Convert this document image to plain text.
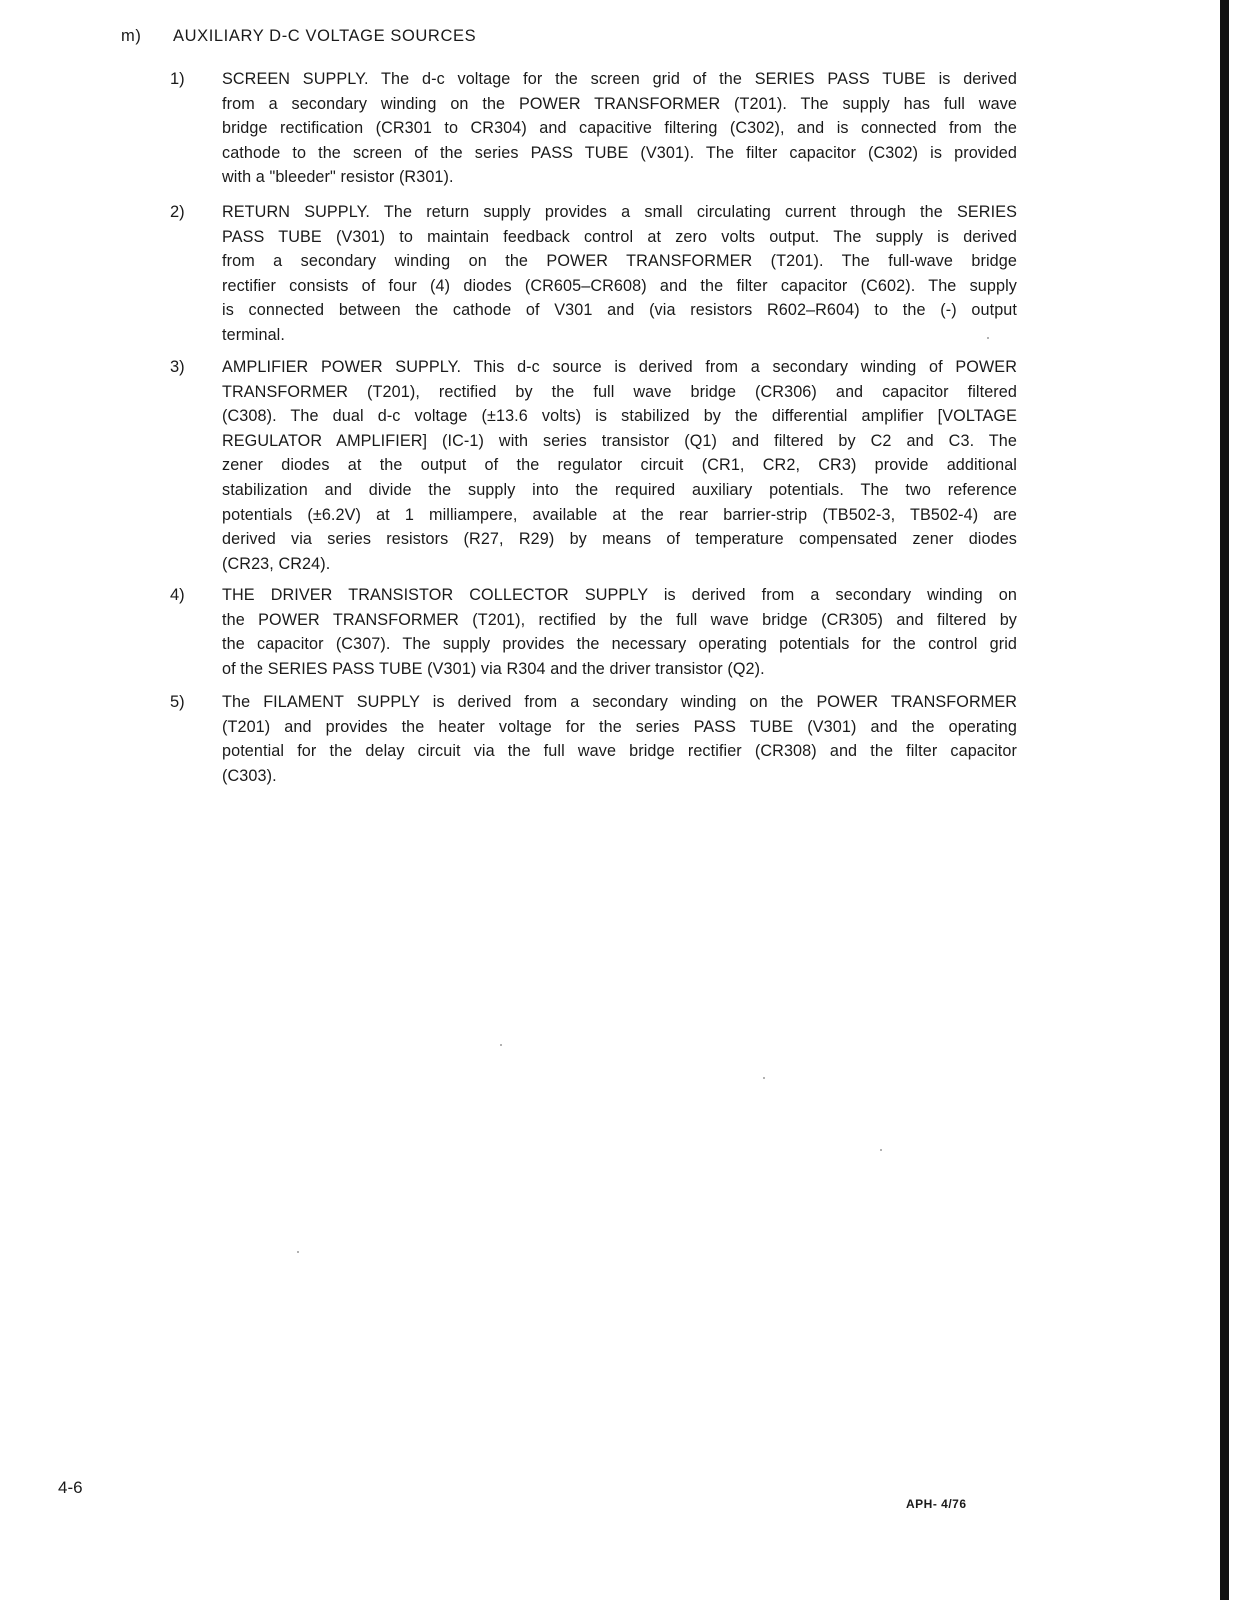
m) AUXILIARY D-C VOLTAGE SOURCES
1) SCREEN SUPPLY. The d-c voltage for the screen grid of the SERIES PASS TUBE is derived
from a secondary winding on the POWER TRANSFORMER (T201). The supply has full wave
bridge rectification (CR301 to CR304) and capacitive filtering (C302), and is connected from the
cathode to the screen of the series PASS TUBE (V301). The filter capacitor (C302) is provided
with a "bleeder" resistor (R301).
2) RETURN SUPPLY. The return supply provides a small circulating current through the SERIES
PASS TUBE (V301) to maintain feedback control at zero volts output. The supply is derived
from a secondary winding on the POWER TRANSFORMER (T201). The full-wave bridge
rectifier consists of four (4) diodes (CR605–CR608) and the filter capacitor (C602). The supply
is connected between the cathode of V301 and (via resistors R602–R604) to the (-) output
terminal.
3) AMPLIFIER POWER SUPPLY. This d-c source is derived from a secondary winding of POWER
TRANSFORMER (T201), rectified by the full wave bridge (CR306) and capacitor filtered
(C308). The dual d-c voltage (±13.6 volts) is stabilized by the differential amplifier [VOLTAGE
REGULATOR AMPLIFIER] (IC-1) with series transistor (Q1) and filtered by C2 and C3. The
zener diodes at the output of the regulator circuit (CR1, CR2, CR3) provide additional
stabilization and divide the supply into the required auxiliary potentials. The two reference
potentials (±6.2V) at 1 milliampere, available at the rear barrier-strip (TB502-3, TB502-4) are
derived via series resistors (R27, R29) by means of temperature compensated zener diodes
(CR23, CR24).
4) THE DRIVER TRANSISTOR COLLECTOR SUPPLY is derived from a secondary winding on
the POWER TRANSFORMER (T201), rectified by the full wave bridge (CR305) and filtered by
the capacitor (C307). The supply provides the necessary operating potentials for the control grid
of the SERIES PASS TUBE (V301) via R304 and the driver transistor (Q2).
5) The FILAMENT SUPPLY is derived from a secondary winding on the POWER TRANSFORMER
(T201) and provides the heater voltage for the series PASS TUBE (V301) and the operating
potential for the delay circuit via the full wave bridge rectifier (CR308) and the filter capacitor
(C303).
4-6
APH- 4/76
